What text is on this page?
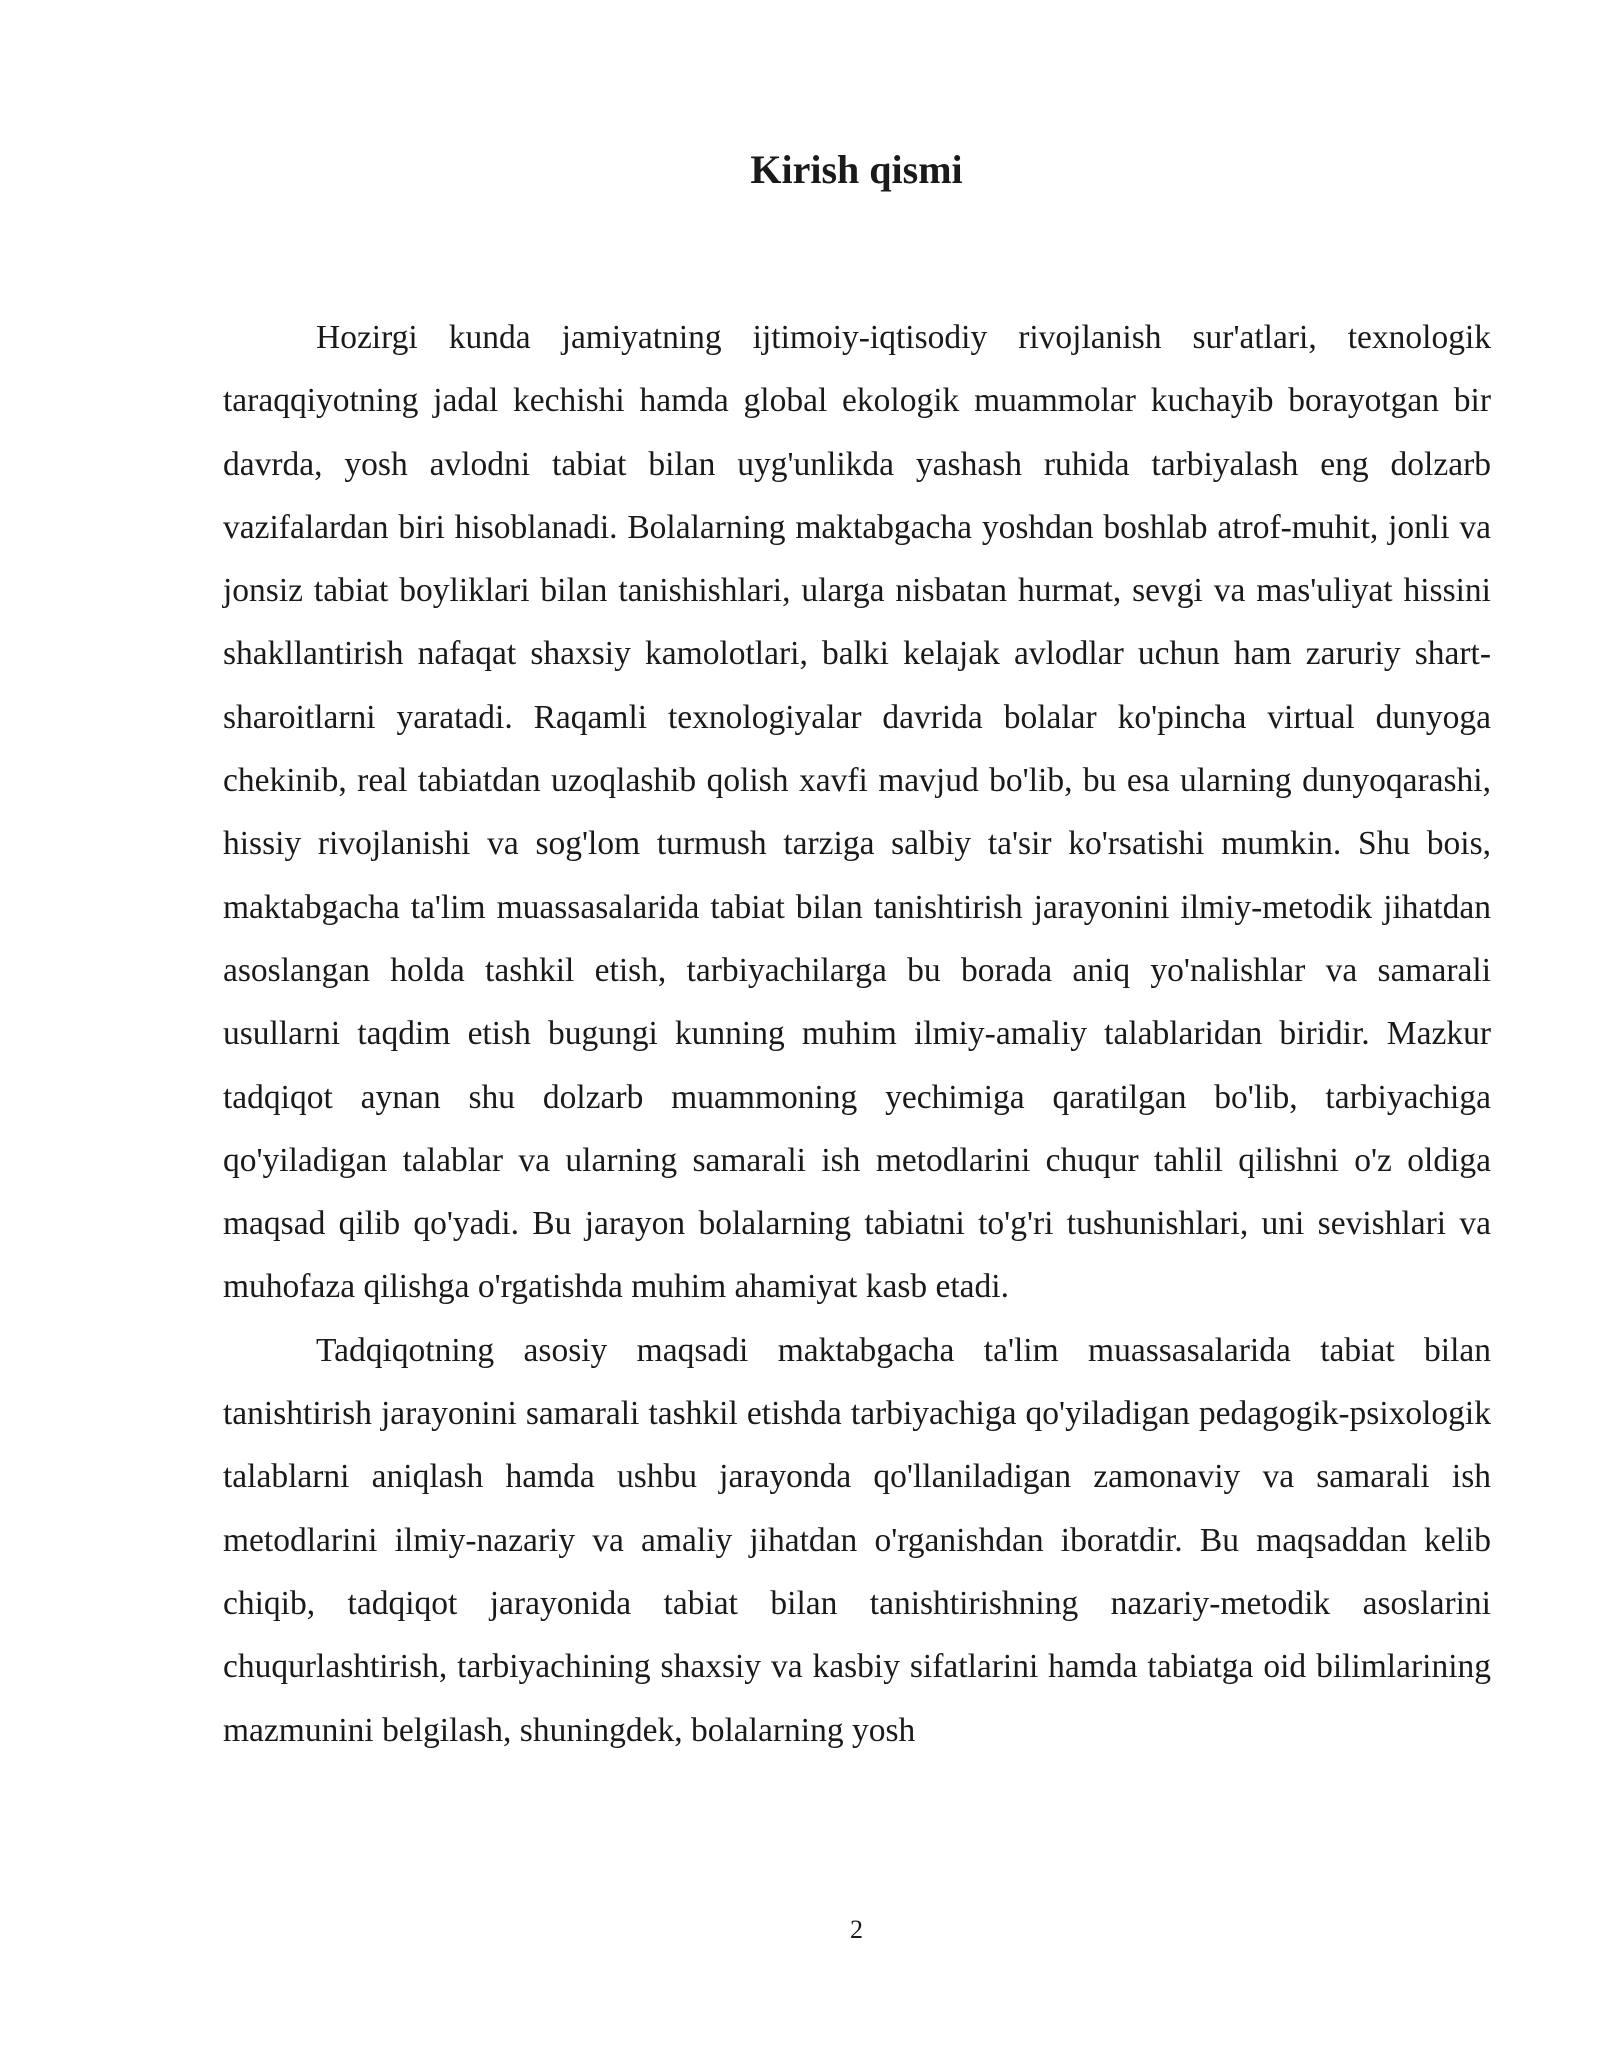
Kirish qismi

Hozirgi kunda jamiyatning ijtimoiy-iqtisodiy rivojlanish sur'atlari, texnologik taraqqiyotning jadal kechishi hamda global ekologik muammolar kuchayib borayotgan bir davrda, yosh avlodni tabiat bilan uyg'unlikda yashash ruhida tarbiyalash eng dolzarb vazifalardan biri hisoblanadi. Bolalarning maktabgacha yoshdan boshlab atrof-muhit, jonli va jonsiz tabiat boyliklari bilan tanishishlari, ularga nisbatan hurmat, sevgi va mas'uliyat hissini shakllantirish nafaqat shaxsiy kamolotlari, balki kelajak avlodlar uchun ham zaruriy shart-sharoitlarni yaratadi. Raqamli texnologiyalar davrida bolalar ko'pincha virtual dunyoga chekinib, real tabiatdan uzoqlashib qolish xavfi mavjud bo'lib, bu esa ularning dunyoqarashi, hissiy rivojlanishi va sog'lom turmush tarziga salbiy ta'sir ko'rsatishi mumkin. Shu bois, maktabgacha ta'lim muassasalarida tabiat bilan tanishtirish jarayonini ilmiy-metodik jihatdan asoslangan holda tashkil etish, tarbiyachilarga bu borada aniq yo'nalishlar va samarali usullarni taqdim etish bugungi kunning muhim ilmiy-amaliy talablaridan biridir. Mazkur tadqiqot aynan shu dolzarb muammoning yechimiga qaratilgan bo'lib, tarbiyachiga qo'yiladigan talablar va ularning samarali ish metodlarini chuqur tahlil qilishni o'z oldiga maqsad qilib qo'yadi. Bu jarayon bolalarning tabiatni to'g'ri tushunishlari, uni sevishlari va muhofaza qilishga o'rgatishda muhim ahamiyat kasb etadi.

Tadqiqotning asosiy maqsadi maktabgacha ta'lim muassasalarida tabiat bilan tanishtirish jarayonini samarali tashkil etishda tarbiyachiga qo'yiladigan pedagogik-psixologik talablarni aniqlash hamda ushbu jarayonda qo'llaniladigan zamonaviy va samarali ish metodlarini ilmiy-nazariy va amaliy jihatdan o'rganishdan iboratdir. Bu maqsaddan kelib chiqib, tadqiqot jarayonida tabiat bilan tanishtirishning nazariy-metodik asoslarini chuqurlashtirish, tarbiyachining shaxsiy va kasbiy sifatlarini hamda tabiatga oid bilimlarining mazmunini belgilash, shuningdek, bolalarning yosh

2
